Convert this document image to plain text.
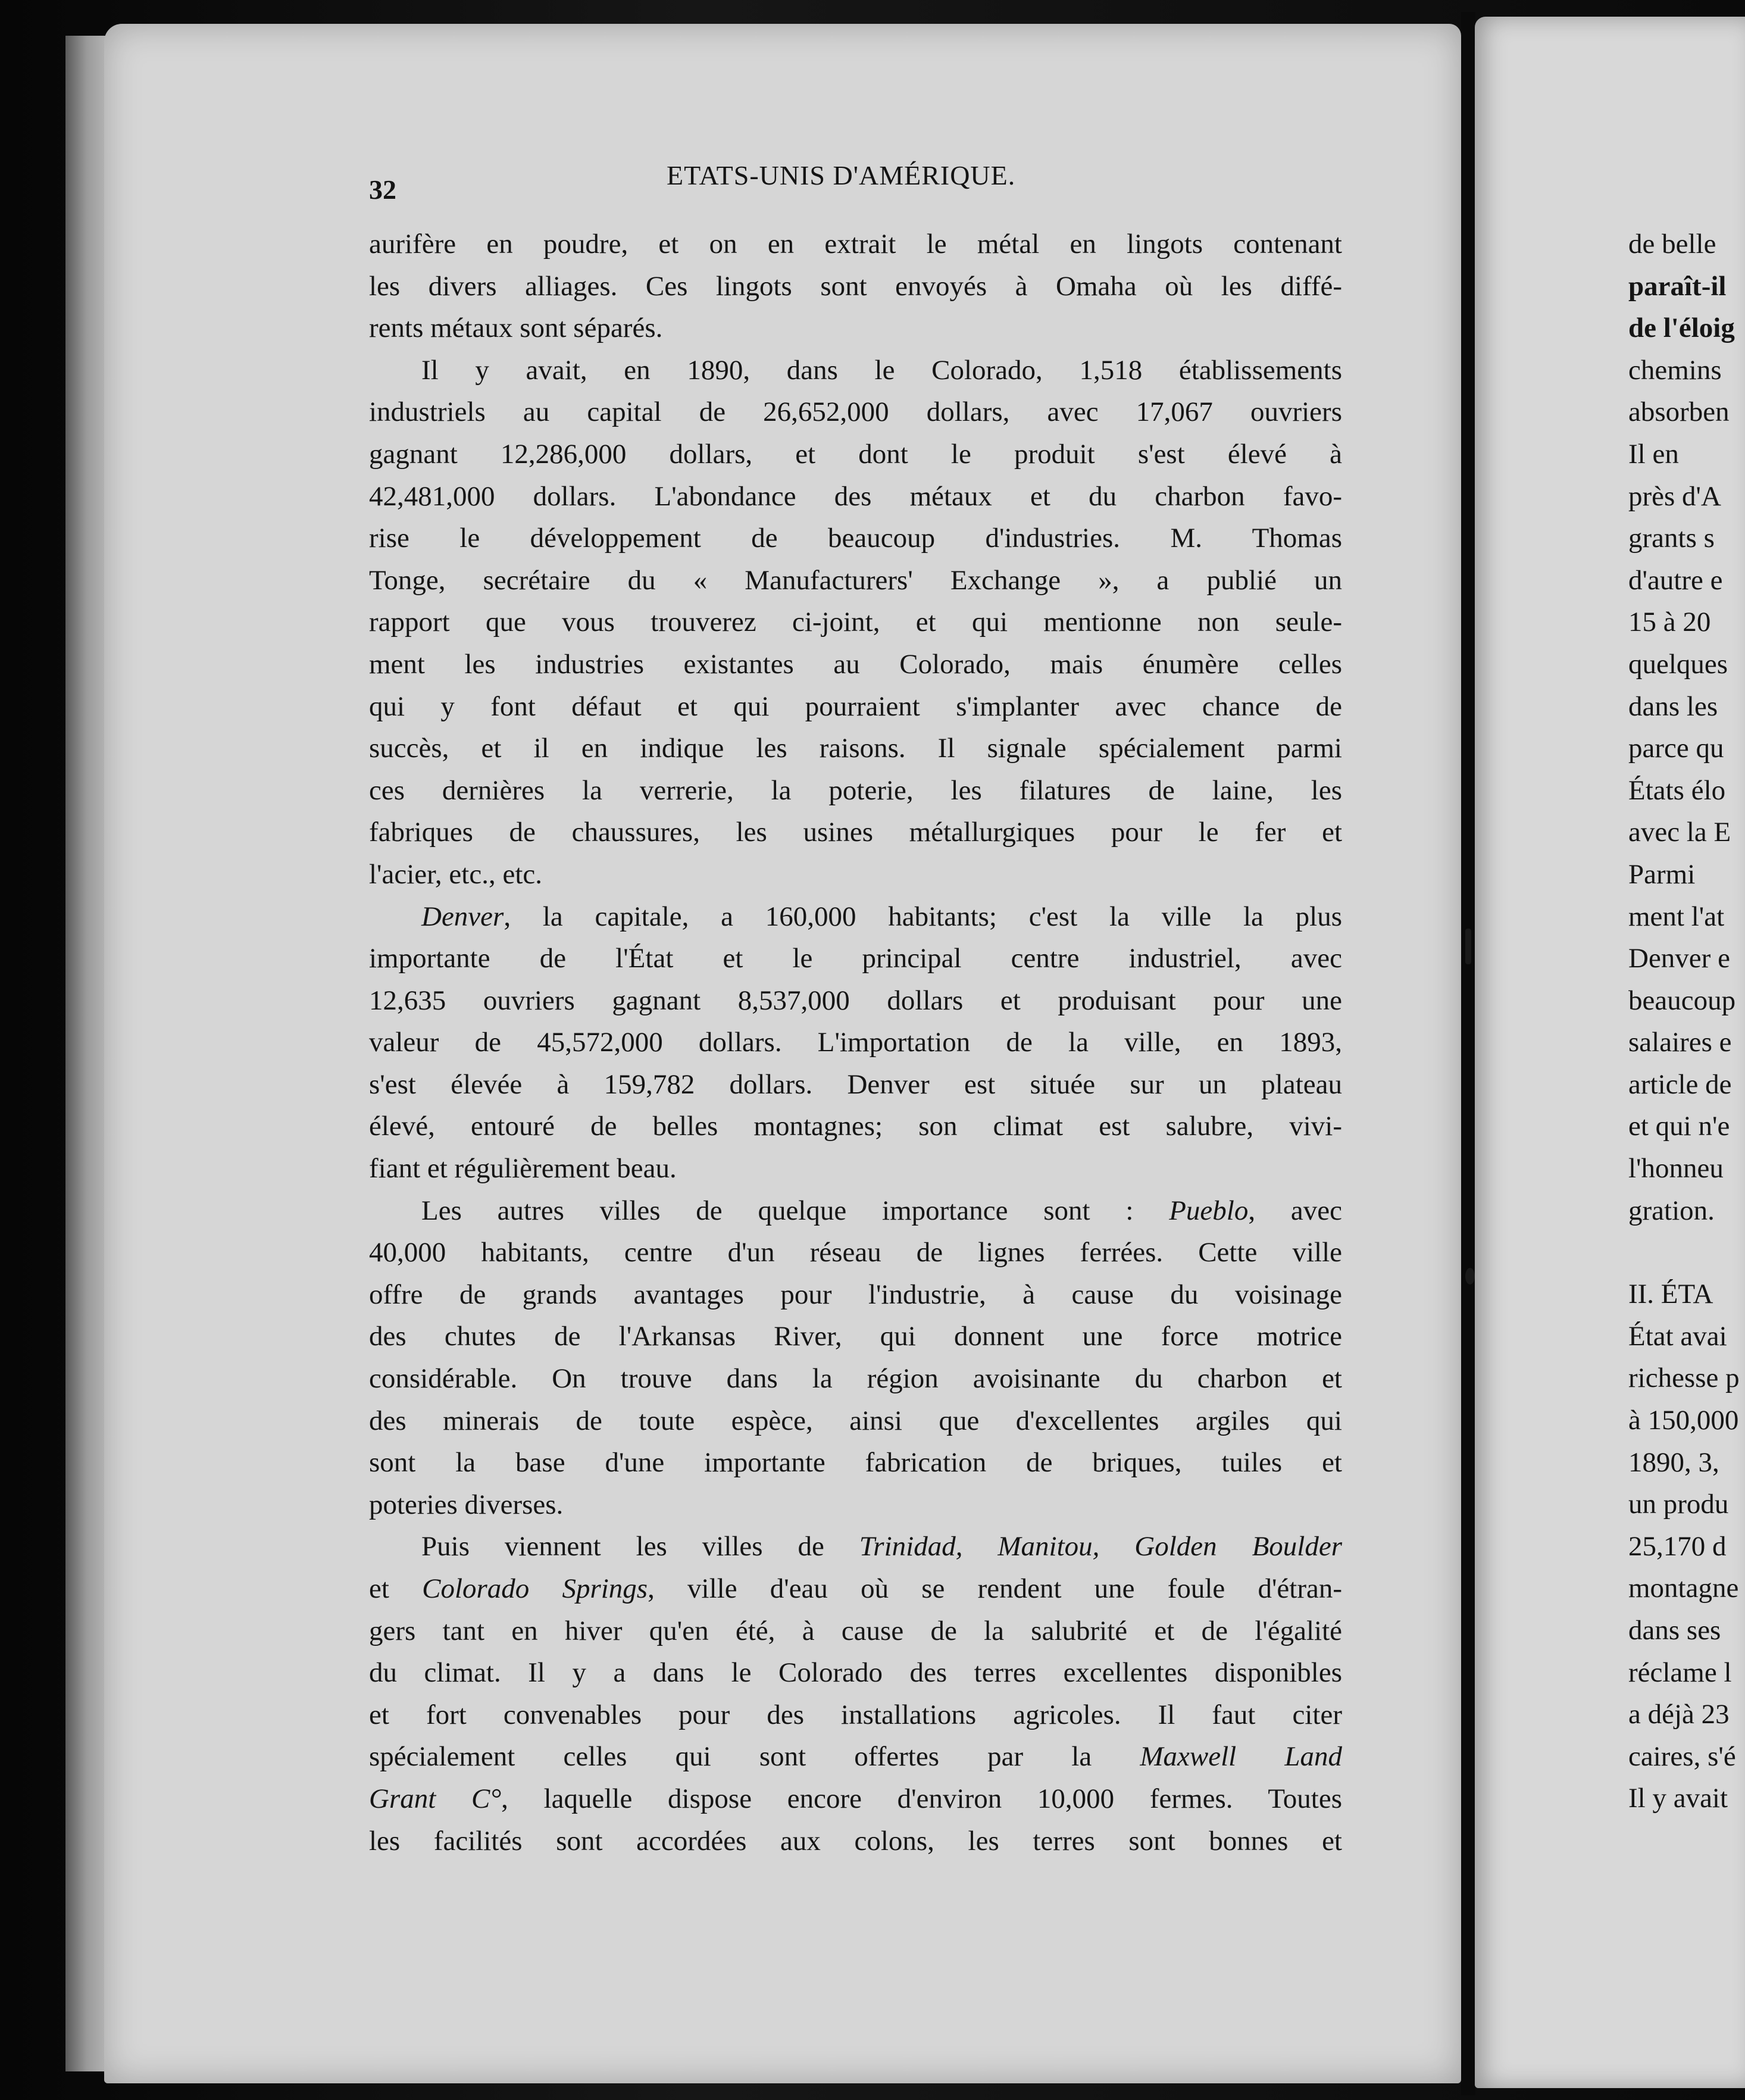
32	ETATS-UNIS D'AMÉRIQUE.
aurifère en poudre, et on en extrait le métal en lingots contenant
les divers alliages. Ces lingots sont envoyés à Omaha où les diffé-
rents métaux sont séparés.
Il y avait, en 1890, dans le Colorado, 1,518 établissements
industriels au capital de 26,652,000 dollars, avec 17,067 ouvriers
gagnant 12,286,000 dollars, et dont le produit s'est élevé à
42,481,000 dollars. L'abondance des métaux et du charbon favo-
rise le développement de beaucoup d'industries. M. Thomas
Tonge, secrétaire du « Manufacturers' Exchange », a publié un
rapport que vous trouverez ci-joint, et qui mentionne non seule-
ment les industries existantes au Colorado, mais énumère celles
qui y font défaut et qui pourraient s'implanter avec chance de
succès, et il en indique les raisons. Il signale spécialement parmi
ces dernières la verrerie, la poterie, les filatures de laine, les
fabriques de chaussures, les usines métallurgiques pour le fer et
l'acier, etc., etc.
Denver, la capitale, a 160,000 habitants; c'est la ville la plus
importante de l'État et le principal centre industriel, avec
12,635 ouvriers gagnant 8,537,000 dollars et produisant pour une
valeur de 45,572,000 dollars. L'importation de la ville, en 1893,
s'est élevée à 159,782 dollars. Denver est située sur un plateau
élevé, entouré de belles montagnes; son climat est salubre, vivi-
fiant et régulièrement beau.
Les autres villes de quelque importance sont : Pueblo, avec
40,000 habitants, centre d'un réseau de lignes ferrées. Cette ville
offre de grands avantages pour l'industrie, à cause du voisinage
des chutes de l'Arkansas River, qui donnent une force motrice
considérable. On trouve dans la région avoisinante du charbon et
des minerais de toute espèce, ainsi que d'excellentes argiles qui
sont la base d'une importante fabrication de briques, tuiles et
poteries diverses.
Puis viennent les villes de Trinidad, Manitou, Golden Boulder
et Colorado Springs, ville d'eau où se rendent une foule d'étran-
gers tant en hiver qu'en été, à cause de la salubrité et de l'égalité
du climat. Il y a dans le Colorado des terres excellentes disponibles
et fort convenables pour des installations agricoles. Il faut citer
spécialement celles qui sont offertes par la Maxwell Land
Grant C°, laquelle dispose encore d'environ 10,000 fermes. Toutes
les facilités sont accordées aux colons, les terres sont bonnes et
de belle
paraît-il
de l'éloig
chemins
absorben
Il en
près d'A
grants s
d'autre e
15 à 20
quelques
dans les
parce qu
États élo
avec la E
Parmi
ment l'at
Denver e
beaucoup
salaires e
article de
et qui n'e
l'honneu
gration.
II. ÉTA
État avai
richesse p
à 150,000
1890, 3,
un produ
25,170 d
montagne
dans ses
réclame l
a déjà 23
caires, s'é
Il y avait
